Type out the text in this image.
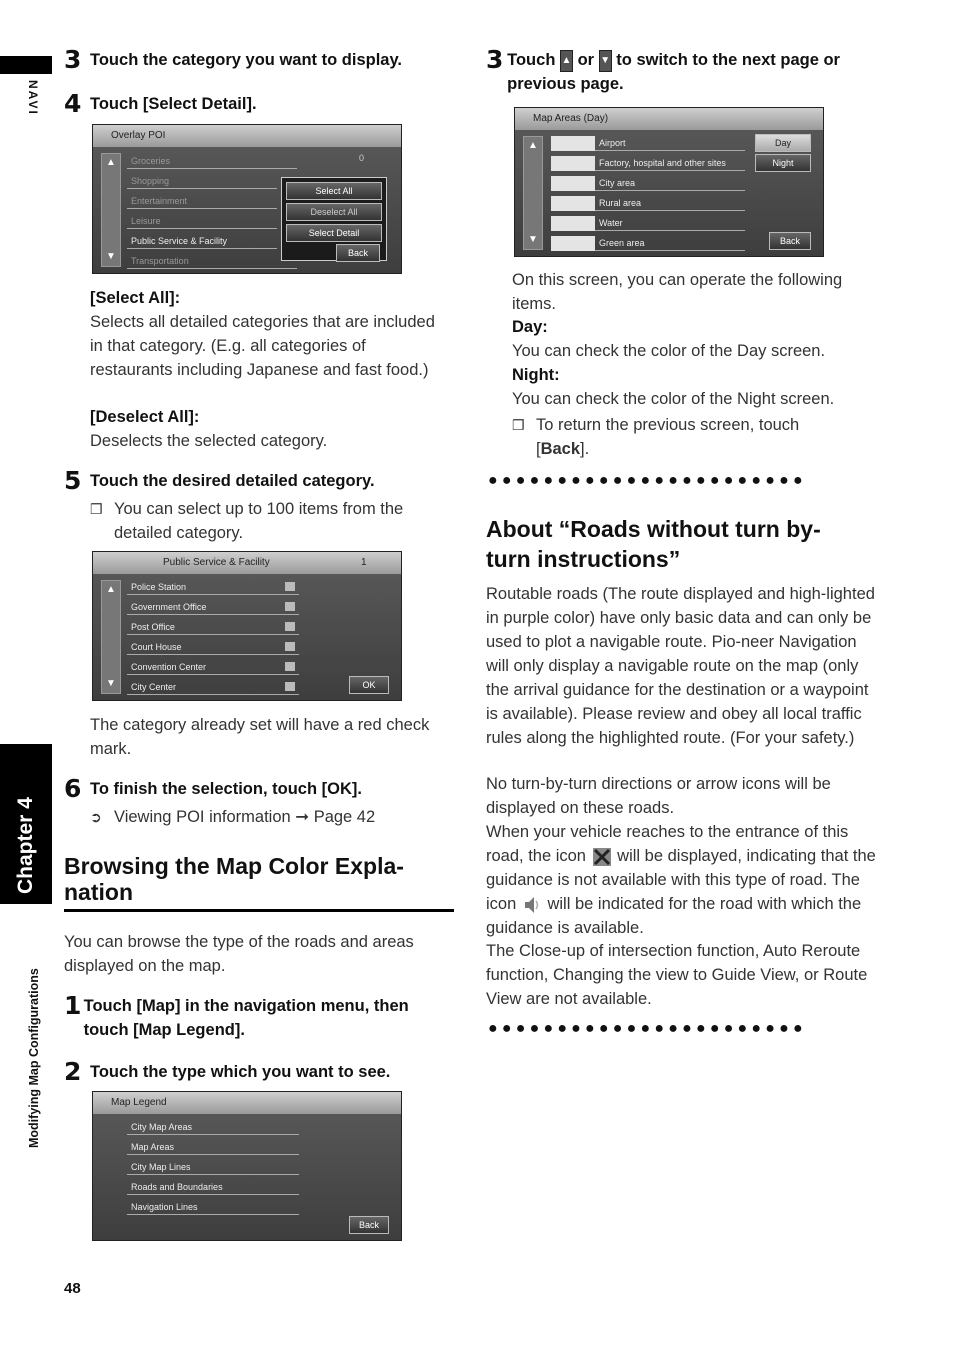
NAVI
Chapter 4
Modifying Map Configurations
3 Touch the category you want to display.
4 Touch [Select Detail].
Overlay POI
▲
▼
Groceries	0
Shopping
Entertainment
Leisure
Public Service & Facility
Transportation
Select All
Deselect All
Select Detail
Back
[Select All]:
Selects all detailed categories that are included in that category. (E.g. all categories of restaurants including Japanese and fast food.)
[Deselect All]:
Deselects the selected category.
5 Touch the desired detailed category.
❒ You can select up to 100 items from the detailed category.
Public Service & Facility	1
▲
▼
Police Station
Government Office
Post Office
Court House
Convention Center
City Center	OK
The category already set will have a red check mark.
6 To finish the selection, touch [OK].
➲ Viewing POI information ➞ Page 42
Browsing the Map Color Expla-
nation
You can browse the type of the roads and areas displayed on the map.
1 Touch [Map] in the navigation menu, then touch [Map Legend].
2 Touch the type which you want to see.
Map Legend
City Map Areas
Map Areas
City Map Lines
Roads and Boundaries
Navigation Lines
Back
3 Touch ▲ or ▼ to switch to the next page or previous page.
Map Areas (Day)
▲
▼
Airport
Factory, hospital and other sites
City area
Rural area
Water
Green area
Day
Night
Back
On this screen, you can operate the following items.
Day:
You can check the color of the Day screen.
Night:
You can check the color of the Night screen.
❒ To return the previous screen, touch
[Back].
●●●●●●●●●●●●●●●●●●●●●●●
About “Roads without turn by-
turn instructions”
Routable roads (The route displayed and high-lighted in purple color) have only basic data and can only be used to plot a navigable route. Pio-neer Navigation will only display a navigable route on the map (only the arrival guidance for the destination or a waypoint is available). Please review and obey all local traffic rules along the highlighted route. (For your safety.)
No turn-by-turn directions or arrow icons will be displayed on these roads.
When your vehicle reaches to the entrance of this road, the icon will be displayed, indicating that the guidance is not available with this type of road. The icon will be indicated for the road with which the guidance is available.
The Close-up of intersection function, Auto Reroute function, Changing the view to Guide View, or Route View are not available.
●●●●●●●●●●●●●●●●●●●●●●●
48
